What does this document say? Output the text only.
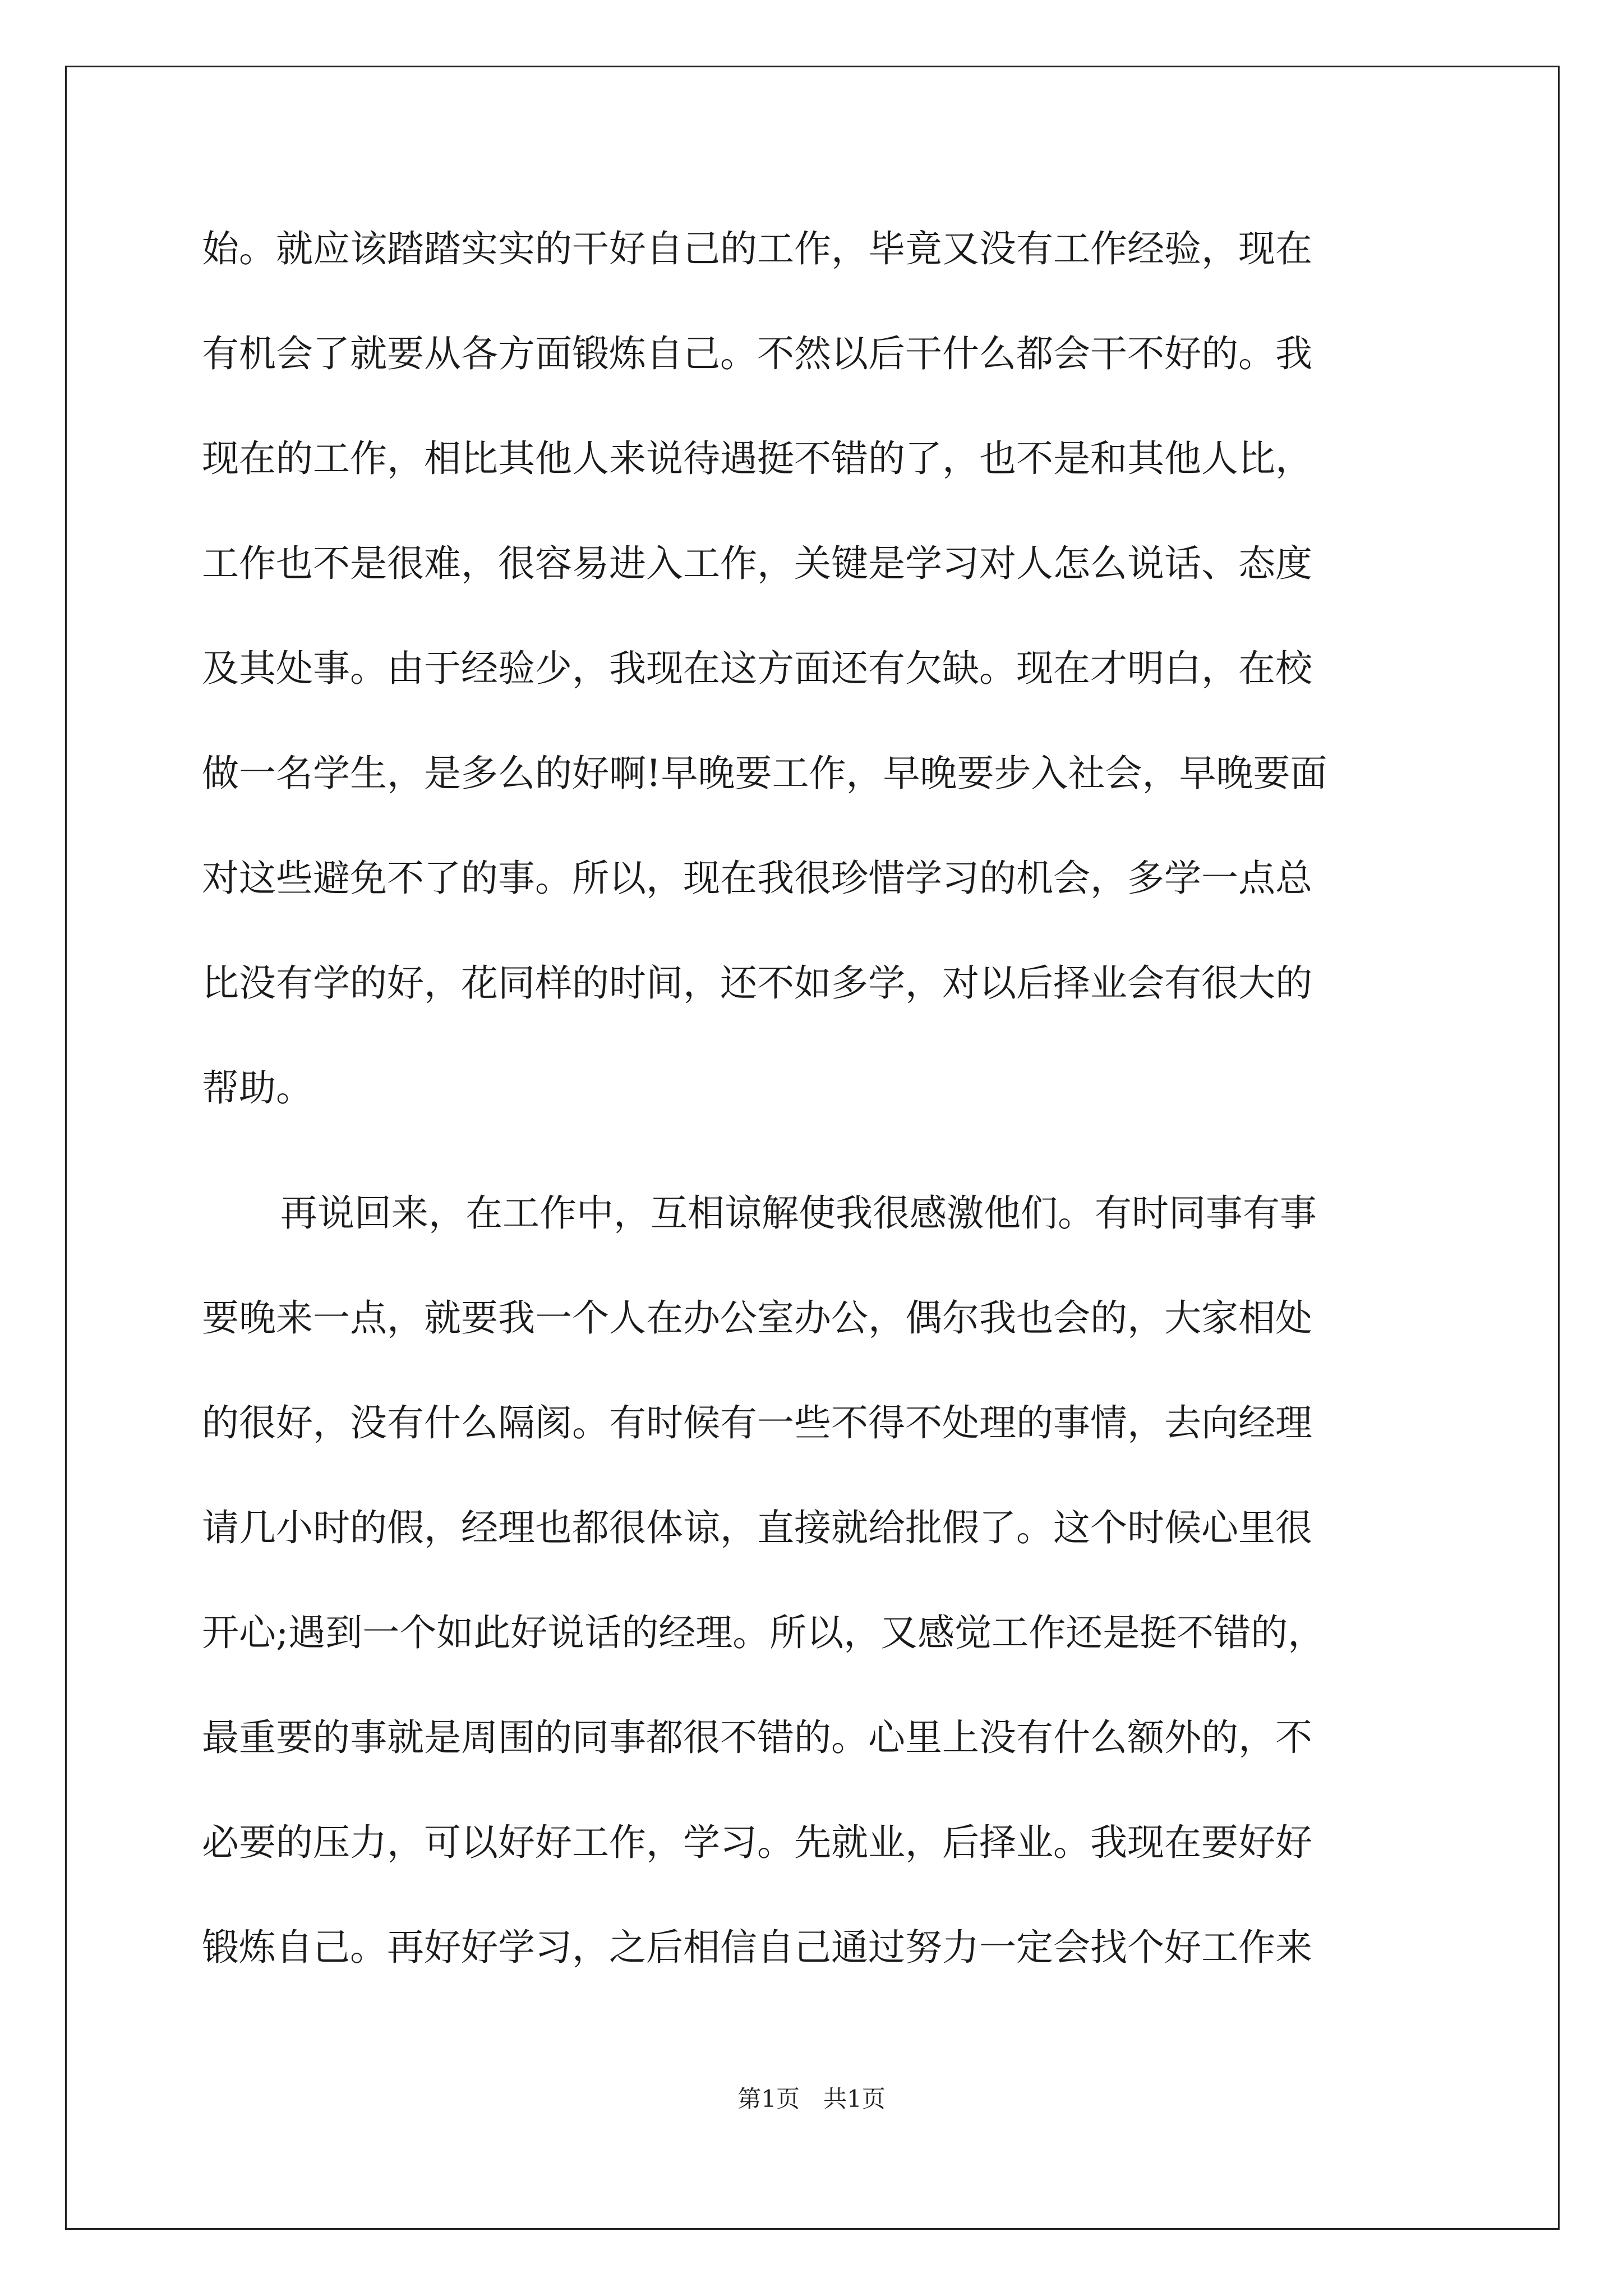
始。就应该踏踏实实的干好自己的工作，毕竟又没有工作经验，现在
有机会了就要从各方面锻炼自己。不然以后干什么都会干不好的。我
现在的工作，相比其他人来说待遇挺不错的了，也不是和其他人比，
工作也不是很难，很容易进入工作，关键是学习对人怎么说话、态度
及其处事。由于经验少，我现在这方面还有欠缺。现在才明白，在校
做一名学生，是多么的好啊!早晚要工作，早晚要步入社会，早晚要面
对这些避免不了的事。所以，现在我很珍惜学习的机会，多学一点总
比没有学的好，花同样的时间，还不如多学，对以后择业会有很大的
帮助。
再说回来，在工作中，互相谅解使我很感激他们。有时同事有事
要晚来一点，就要我一个人在办公室办公，偶尔我也会的，大家相处
的很好，没有什么隔阂。有时候有一些不得不处理的事情，去向经理
请几小时的假，经理也都很体谅，直接就给批假了。这个时候心里很
开心;遇到一个如此好说话的经理。所以，又感觉工作还是挺不错的，
最重要的事就是周围的同事都很不错的。心里上没有什么额外的，不
必要的压力，可以好好工作，学习。先就业，后择业。我现在要好好
锻炼自己。再好好学习，之后相信自己通过努力一定会找个好工作来
第1页　共1页
